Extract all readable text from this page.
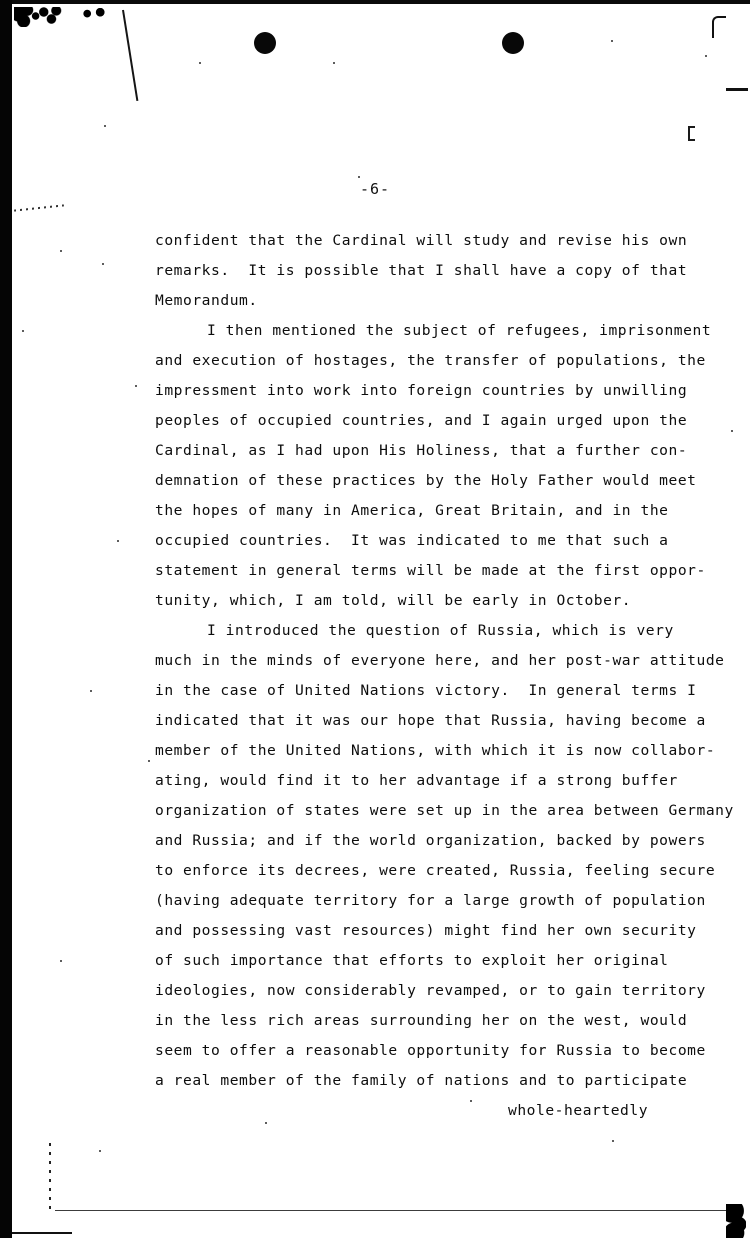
-6-
confident that the Cardinal will study and revise his own
remarks.  It is possible that I shall have a copy of that
Memorandum.
I then mentioned the subject of refugees, imprisonment
and execution of hostages, the transfer of populations, the
impressment into work into foreign countries by unwilling
peoples of occupied countries, and I again urged upon the
Cardinal, as I had upon His Holiness, that a further con-
demnation of these practices by the Holy Father would meet
the hopes of many in America, Great Britain, and in the
occupied countries.  It was indicated to me that such a
statement in general terms will be made at the first oppor-
tunity, which, I am told, will be early in October.
I introduced the question of Russia, which is very
much in the minds of everyone here, and her post-war attitude
in the case of United Nations victory.  In general terms I
indicated that it was our hope that Russia, having become a
member of the United Nations, with which it is now collabor-
ating, would find it to her advantage if a strong buffer
organization of states were set up in the area between Germany
and Russia; and if the world organization, backed by powers
to enforce its decrees, were created, Russia, feeling secure
(having adequate territory for a large growth of population
and possessing vast resources) might find her own security
of such importance that efforts to exploit her original
ideologies, now considerably revamped, or to gain territory
in the less rich areas surrounding her on the west, would
seem to offer a reasonable opportunity for Russia to become
a real member of the family of nations and to participate
whole-heartedly
